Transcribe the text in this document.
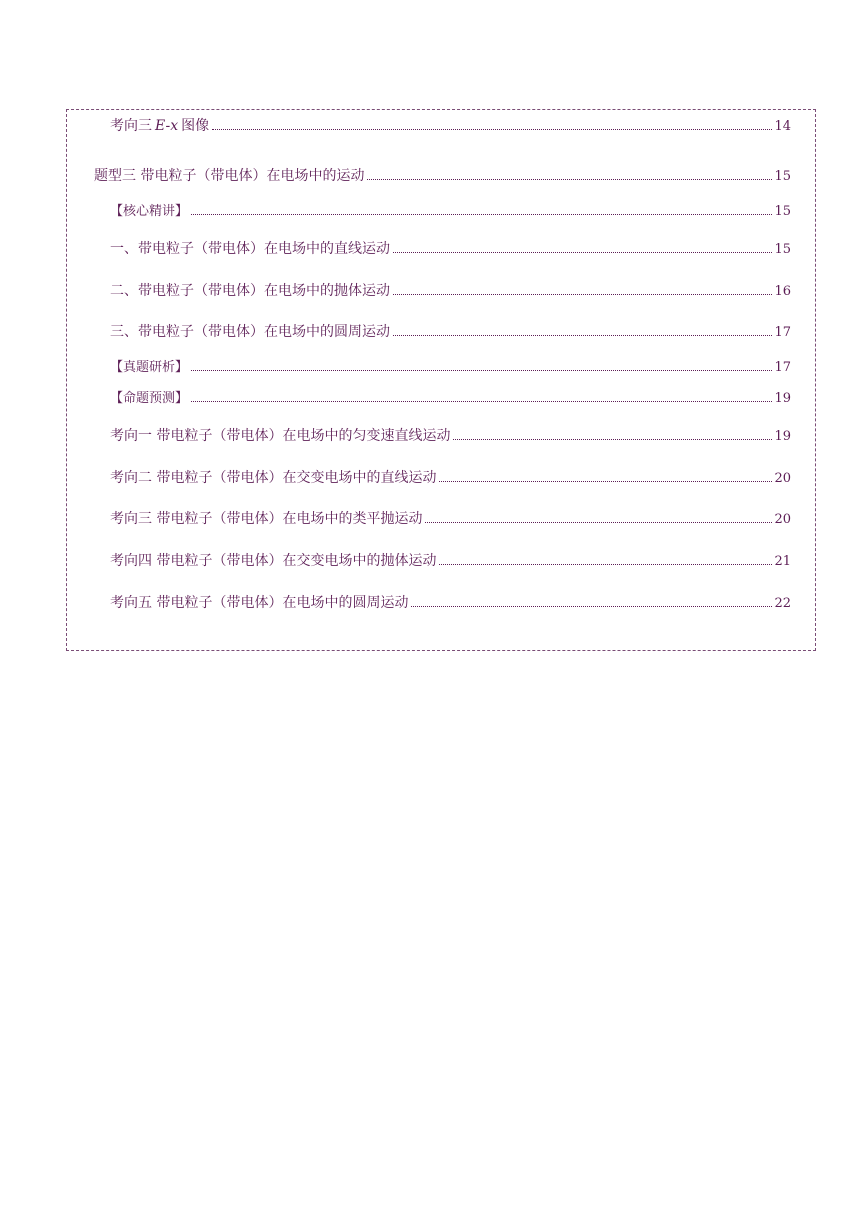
考向三 E-x 图像	14
题型三 带电粒子（带电体）在电场中的运动	15
【核心精讲】	15
一、带电粒子（带电体）在电场中的直线运动	15
二、带电粒子（带电体）在电场中的抛体运动	16
三、带电粒子（带电体）在电场中的圆周运动	17
【真题研析】	17
【命题预测】	19
考向一 带电粒子（带电体）在电场中的匀变速直线运动	19
考向二 带电粒子（带电体）在交变电场中的直线运动	20
考向三 带电粒子（带电体）在电场中的类平抛运动	20
考向四 带电粒子（带电体）在交变电场中的抛体运动	21
考向五 带电粒子（带电体）在电场中的圆周运动	22
